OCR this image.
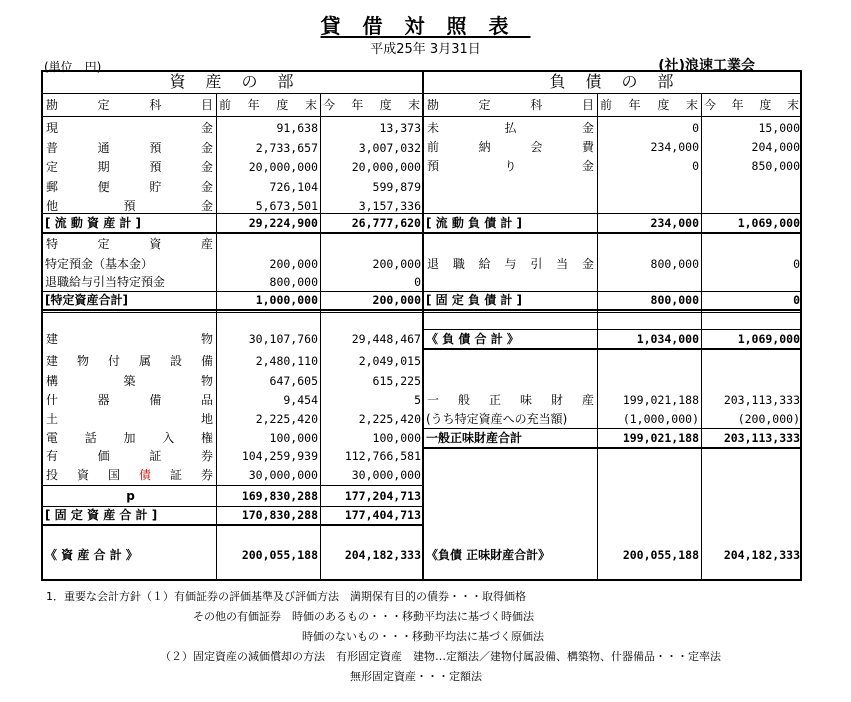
貸借対照表
平成25年 3月31日
(単位　円)	(社)浪速工業会
資　産　の　部	負　債　の　部
勘　定　科　目 前　年　度　末 今　年　度　末 勘　定　科　目 前　年　度　末 今　年　度　末
現金	91,638	13,373
普通預金	2,733,657	3,007,032
定期預金	20,000,000	20,000,000
郵便貯金	726,104	599,879
他預金	5,673,501	3,157,336
[ 流 動 資 産 計 ]	29,224,900	26,777,620
特定資産
特定預金（基本金）	200,000	200,000
退職給与引当特定預金	800,000	0
[特定資産合計]	1,000,000	200,000
建物	30,107,760	29,448,467
建物付属設備	2,480,110	2,049,015
構築物	647,605	615,225
什器備品	9,454	5
土地	2,225,420	2,225,420
電話加入権	100,000	100,000
有価証券	104,259,939	112,766,581
投 資 国 債 証 券	30,000,000	30,000,000
p	169,830,288	177,204,713
[ 固 定 資 産 合 計 ]	170,830,288	177,404,713
《 資 産 合 計 》	200,055,188	204,182,333
未払金	0	15,000
前納会費	234,000	204,000
預り金	0	850,000
[ 流 動 負 債 計 ]	234,000	1,069,000
退職給与引当金	800,000	0
[ 固 定 負 債 計 ]	800,000	0
《 負 債 合 計 》	1,034,000	1,069,000
一般正味財産	199,021,188	203,113,333
(うち特定資産への充当額)	(1,000,000)	(200,000)
一般正味財産合計	199,021,188	203,113,333
《負債 正味財産合計》	200,055,188	204,182,333
1．重要な会計方針（１）有価証券の評価基準及び評価方法　満期保有目的の債券・・・取得価格
その他の有価証券　時価のあるもの・・・移動平均法に基づく時価法
時価のないもの・・・移動平均法に基づく原価法
（２）固定資産の減価償却の方法　有形固定資産　建物…定額法／建物付属設備、構築物、什器備品・・・定率法
無形固定資産・・・定額法
